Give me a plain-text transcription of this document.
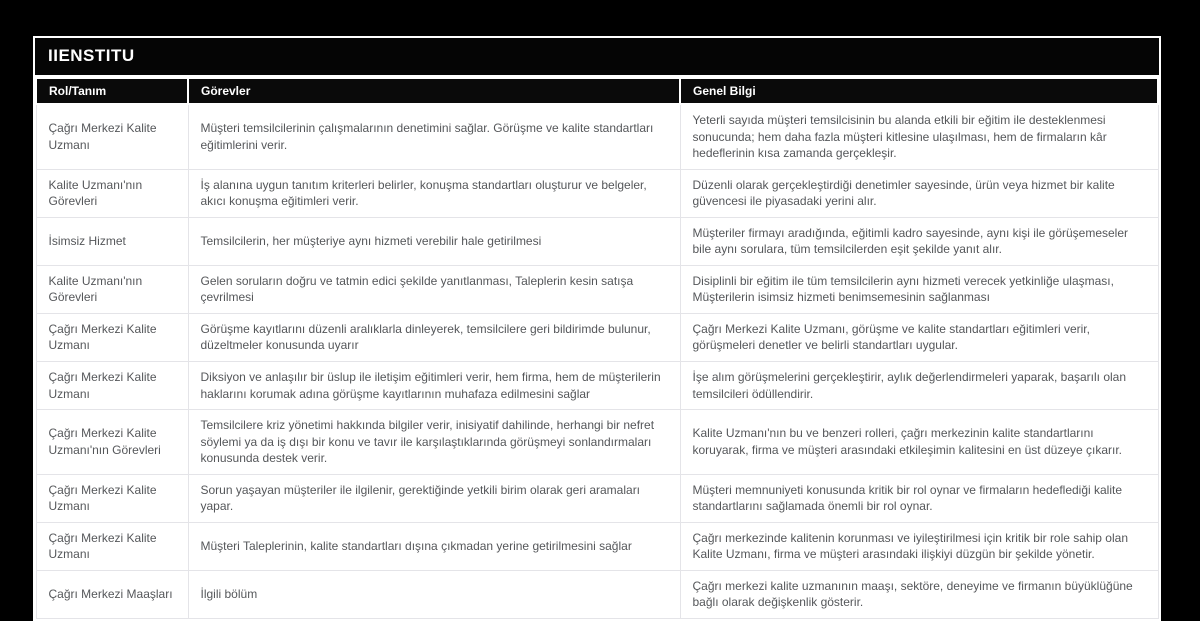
IIENSTITU
Rol/Tanım	Görevler	Genel Bilgi
Çağrı Merkezi Kalite Uzmanı	Müşteri temsilcilerinin çalışmalarının denetimini sağlar. Görüşme ve kalite standartları eğitimlerini verir.	Yeterli sayıda müşteri temsilcisinin bu alanda etkili bir eğitim ile desteklenmesi sonucunda; hem daha fazla müşteri kitlesine ulaşılması, hem de firmaların kâr hedeflerinin kısa zamanda gerçekleşir.
Kalite Uzmanı'nın Görevleri	İş alanına uygun tanıtım kriterleri belirler, konuşma standartları oluşturur ve belgeler, akıcı konuşma eğitimleri verir.	Düzenli olarak gerçekleştirdiği denetimler sayesinde, ürün veya hizmet bir kalite güvencesi ile piyasadaki yerini alır.
İsimsiz Hizmet	Temsilcilerin, her müşteriye aynı hizmeti verebilir hale getirilmesi	Müşteriler firmayı aradığında, eğitimli kadro sayesinde, aynı kişi ile görüşemeseler bile aynı sorulara, tüm temsilcilerden eşit şekilde yanıt alır.
Kalite Uzmanı'nın Görevleri	Gelen soruların doğru ve tatmin edici şekilde yanıtlanması, Taleplerin kesin satışa çevrilmesi	Disiplinli bir eğitim ile tüm temsilcilerin aynı hizmeti verecek yetkinliğe ulaşması, Müşterilerin isimsiz hizmeti benimsemesinin sağlanması
Çağrı Merkezi Kalite Uzmanı	Görüşme kayıtlarını düzenli aralıklarla dinleyerek, temsilcilere geri bildirimde bulunur, düzeltmeler konusunda uyarır	Çağrı Merkezi Kalite Uzmanı, görüşme ve kalite standartları eğitimleri verir, görüşmeleri denetler ve belirli standartları uygular.
Çağrı Merkezi Kalite Uzmanı	Diksiyon ve anlaşılır bir üslup ile iletişim eğitimleri verir, hem firma, hem de müşterilerin haklarını korumak adına görüşme kayıtlarının muhafaza edilmesini sağlar	İşe alım görüşmelerini gerçekleştirir, aylık değerlendirmeleri yaparak, başarılı olan temsilcileri ödüllendirir.
Çağrı Merkezi Kalite Uzmanı'nın Görevleri	Temsilcilere kriz yönetimi hakkında bilgiler verir, inisiyatif dahilinde, herhangi bir nefret söylemi ya da iş dışı bir konu ve tavır ile karşılaştıklarında görüşmeyi sonlandırmaları konusunda destek verir.	Kalite Uzmanı'nın bu ve benzeri rolleri, çağrı merkezinin kalite standartlarını koruyarak, firma ve müşteri arasındaki etkileşimin kalitesini en üst düzeye çıkarır.
Çağrı Merkezi Kalite Uzmanı	Sorun yaşayan müşteriler ile ilgilenir, gerektiğinde yetkili birim olarak geri aramaları yapar.	Müşteri memnuniyeti konusunda kritik bir rol oynar ve firmaların hedeflediği kalite standartlarını sağlamada önemli bir rol oynar.
Çağrı Merkezi Kalite Uzmanı	Müşteri Taleplerinin, kalite standartları dışına çıkmadan yerine getirilmesini sağlar	Çağrı merkezinde kalitenin korunması ve iyileştirilmesi için kritik bir role sahip olan Kalite Uzmanı, firma ve müşteri arasındaki ilişkiyi düzgün bir şekilde yönetir.
Çağrı Merkezi Maaşları	İlgili bölüm	Çağrı merkezi kalite uzmanının maaşı, sektöre, deneyime ve firmanın büyüklüğüne bağlı olarak değişkenlik gösterir.
